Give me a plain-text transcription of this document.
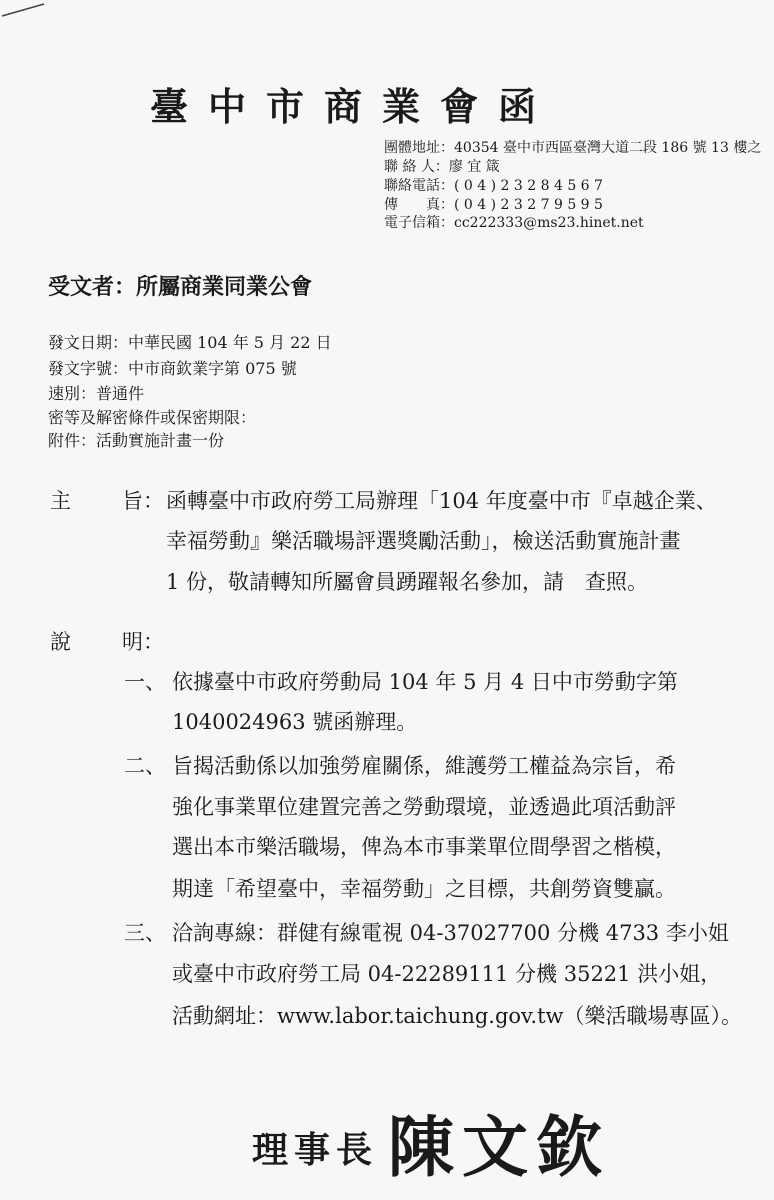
臺中市商業會函
團體地址：40354 臺中市西區臺灣大道二段 186 號 13 樓之
聯 絡 人：廖 宜 箴
聯絡電話：( 0 4 ) 2 3 2 8 4 5 6 7
傳　　真：( 0 4 ) 2 3 2 7 9 5 9 5
電子信箱：cc222333@ms23.hinet.net
受文者：所屬商業同業公會
發文日期：中華民國 104 年 5 月 22 日
發文字號：中市商欽業字第 075 號
速別：普通件
密等及解密條件或保密期限：
附件：活動實施計畫一份
主 旨： 函轉臺中市政府勞工局辦理「104 年度臺中市『卓越企業、
幸福勞動』樂活職場評選獎勵活動」，檢送活動實施計畫
1 份，敬請轉知所屬會員踴躍報名參加，請　查照。
說 明：
一、 依據臺中市政府勞動局 104 年 5 月 4 日中市勞動字第
1040024963 號函辦理。
二、 旨揭活動係以加強勞雇關係，維護勞工權益為宗旨，希
強化事業單位建置完善之勞動環境，並透過此項活動評
選出本市樂活職場，俾為本市事業單位間學習之楷模，
期達「希望臺中，幸福勞動」之目標，共創勞資雙贏。
三、 洽詢專線：群健有線電視 04-37027700 分機 4733 李小姐
或臺中市政府勞工局 04-22289111 分機 35221 洪小姐，
活動網址：www.labor.taichung.gov.tw（樂活職場專區）。
理事長 陳文欽
